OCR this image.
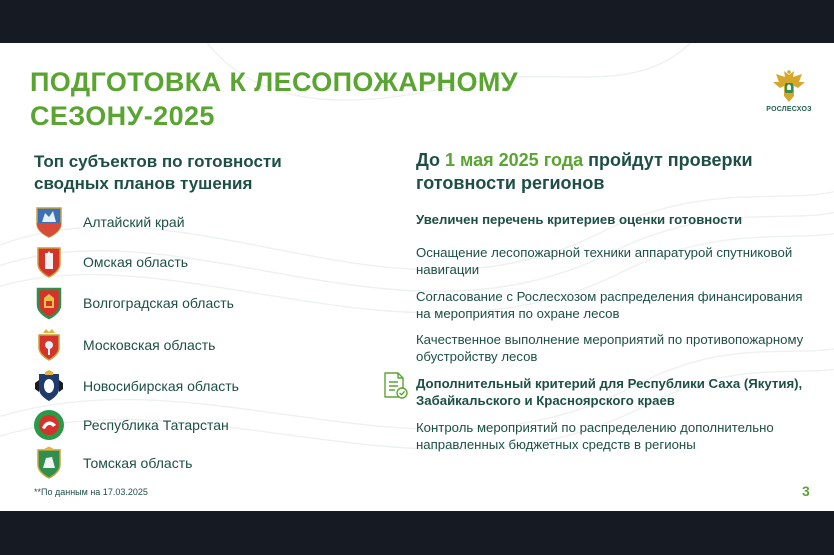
ПОДГОТОВКА К ЛЕСОПОЖАРНОМУ
СЕЗОНУ-2025	РОСЛЕСХОЗ
Топ субъектов по готовности сводных планов тушения
Алтайский край
Омская область
Волгоградская область
Московская область
Новосибирская область
Республика Татарстан
Томская область
До 1 мая 2025 года пройдут проверки готовности регионов
Увеличен перечень критериев оценки готовности
Оснащение лесопожарной техники аппаратурой спутниковой навигации
Согласование с Рослесхозом распределения финансирования на мероприятия по охране лесов
Качественное выполнение мероприятий по противопожарному обустройству лесов
Дополнительный критерий для Республики Саха (Якутия), Забайкальского и Красноярского краев
Контроль мероприятий по распределению дополнительно направленных бюджетных средств в регионы
**По данным на 17.03.2025	3
